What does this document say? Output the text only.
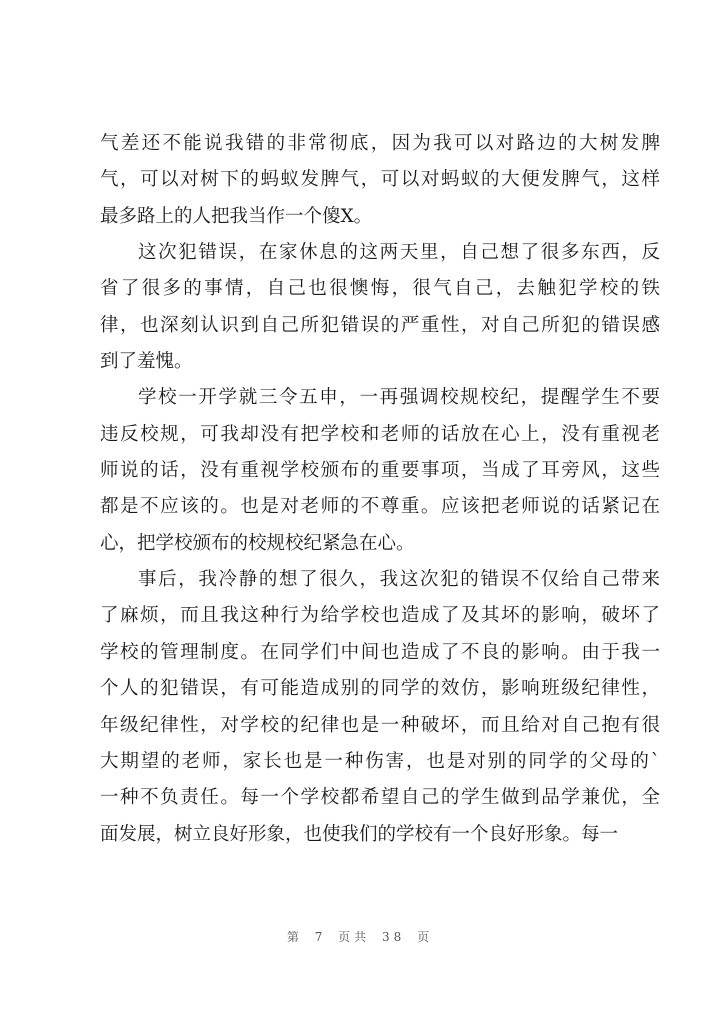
气差还不能说我错的非常彻底，因为我可以对路边的大树发脾
气，可以对树下的蚂蚁发脾气，可以对蚂蚁的大便发脾气，这样
最多路上的人把我当作一个傻X。
这次犯错误，在家休息的这两天里，自己想了很多东西，反
省了很多的事情，自己也很懊悔，很气自己，去触犯学校的铁
律，也深刻认识到自己所犯错误的严重性，对自己所犯的错误感
到了羞愧。
学校一开学就三令五申，一再强调校规校纪，提醒学生不要
违反校规，可我却没有把学校和老师的话放在心上，没有重视老
师说的话，没有重视学校颁布的重要事项，当成了耳旁风，这些
都是不应该的。也是对老师的不尊重。应该把老师说的话紧记在
心，把学校颁布的校规校纪紧急在心。
事后，我冷静的想了很久，我这次犯的错误不仅给自己带来
了麻烦，而且我这种行为给学校也造成了及其坏的影响，破坏了
学校的管理制度。在同学们中间也造成了不良的影响。由于我一
个人的犯错误，有可能造成别的同学的效仿，影响班级纪律性，
年级纪律性，对学校的纪律也是一种破坏，而且给对自己抱有很
大期望的老师，家长也是一种伤害，也是对别的同学的父母的`
一种不负责任。每一个学校都希望自己的学生做到品学兼优，全
面发展，树立良好形象，也使我们的学校有一个良好形象。每一
第 7 页共 38 页
